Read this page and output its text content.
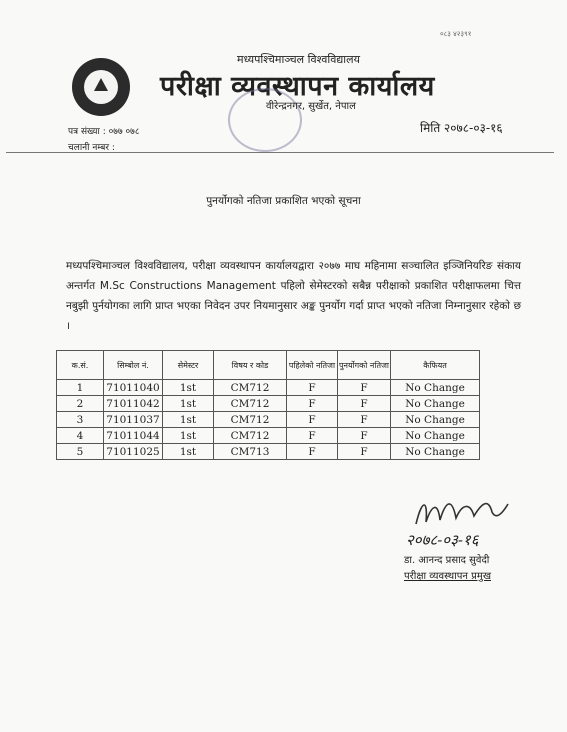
०८३ ४२३९१
मध्यपश्चिमाञ्चल विश्वविद्यालय
परीक्षा व्यवस्थापन कार्यालय
वीरेन्द्रनगर, सुर्खेत, नेपाल
पत्र संख्या : ०७७ ०७८
चलानी नम्बर :
मिति २०७८-०३-१६
पुनर्योगको नतिजा प्रकाशित भएको सूचना
मध्यपश्चिमाञ्चल विश्वविद्यालय, परीक्षा व्यवस्थापन कार्यालयद्वारा २०७७ माघ महिनामा सञ्चालित इञ्जिनियरिङ संकाय अन्तर्गत M.Sc Constructions Management पहिलो सेमेस्टरको सबैन्न परीक्षाको प्रकाशित परीक्षाफलमा चित्त नबुझी पुर्नयोगका लागि प्राप्त भएका निवेदन उपर नियमानुसार अङ्क पुनर्योग गर्दा प्राप्त भएको नतिजा निम्नानुसार रहेको छ ।
क.सं.	सिम्बोल नं.	सेमेस्टर	विषय र कोड	पहिलेको नतिजा	पुनर्योगको नतिजा	कैफियत
1	71011040	1st	CM712	F	F	No Change
2	71011042	1st	CM712	F	F	No Change
3	71011037	1st	CM712	F	F	No Change
4	71011044	1st	CM712	F	F	No Change
5	71011025	1st	CM713	F	F	No Change
२०७८-०३-१६
डा. आनन्द प्रसाद सुवेदी
परीक्षा व्यवस्थापन प्रमुख
